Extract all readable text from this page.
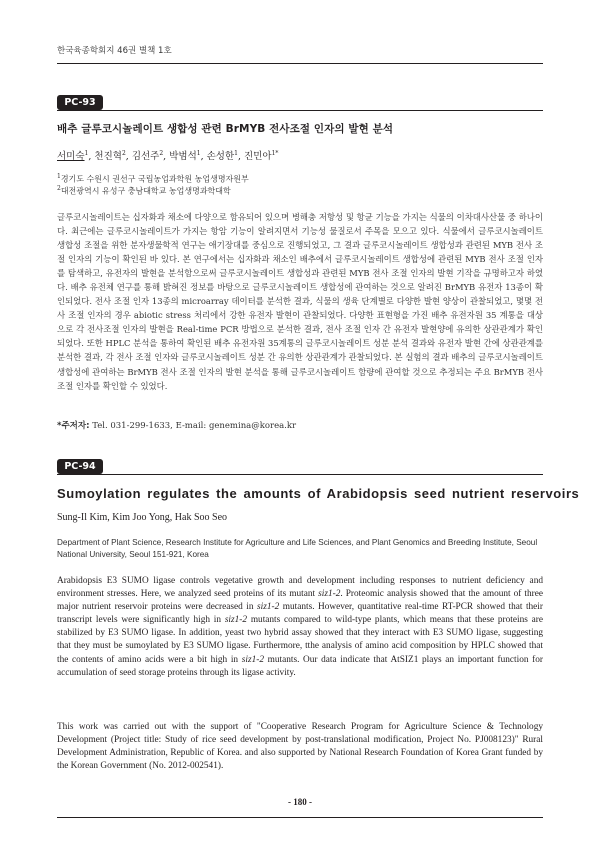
한국육종학회지 46권 별책 1호
PC-93
배추 글루코시놀레이트 생합성 관련 BrMYB 전사조절 인자의 발현 분석
서미숙$^1$, 천진혁$^2$, 김선주$^2$, 박범석$^1$, 손성한$^1$, 진민아$^{1*}$
$^1$경기도 수원시 권선구 국립농업과학원 농업생명자원부
$^2$대전광역시 유성구 충남대학교 농업생명과학대학
글루코시놀레이트는 십자화과 채소에 다양으로 함유되어 있으며 병해충 저항성 및 항균 기능을 가지는 식물의 이차대사산물 중 하나이다. 최근에는 글루코시놀레이트가 가지는 항암 기능이 알려지면서 기능성 물질로서 주목을 모으고 있다. 식물에서 글루코시놀레이트 생합성 조절을 위한 분자생물학적 연구는 애기장대를 중심으로 진행되었고, 그 결과 글루코시놀레이트 생합성과 관련된 MYB 전사 조절 인자의 기능이 확인된 바 있다. 본 연구에서는 십자화과 채소인 배추에서 글루코시놀레이트 생합성에 관련된 MYB 전사 조절 인자를 탐색하고, 유전자의 발현을 분석함으로써 글루코시놀레이트 생합성과 관련된 MYB 전사 조절 인자의 발현 기작을 규명하고자 하였다. 배추 유전체 연구를 통해 밝혀진 정보를 바탕으로 글루코시놀레이트 생합성에 관여하는 것으로 알려진 BrMYB 유전자 13종이 확인되었다. 전사 조절 인자 13종의 microarray 데이터를 분석한 결과, 식물의 생육 단계별로 다양한 발현 양상이 관찰되었고, 몇몇 전사 조절 인자의 경우 abiotic stress 처리에서 강한 유전자 발현이 관찰되었다. 다양한 표현형을 가진 배추 유전자원 35 계통을 대상으로 각 전사조절 인자의 발현을 Real-time PCR 방법으로 분석한 결과, 전사 조절 인자 간 유전자 발현양에 유의한 상관관계가 확인되었다. 또한 HPLC 분석을 통하여 확인된 배추 유전자원 35계통의 글루코시놀레이트 성분 분석 결과와 유전자 발현 간에 상관관계를 분석한 결과, 각 전사 조절 인자와 글루코시놀레이트 성분 간 유의한 상관관계가 관찰되었다. 본 실험의 결과 배추의 글루코시놀레이트 생합성에 관여하는 BrMYB 전사 조절 인자의 발현 분석을 통해 글루코시놀레이트 함량에 관여할 것으로 추정되는 주요 BrMYB 전사 조절 인자를 확인할 수 있었다.
*주저자: Tel. 031-299-1633, E-mail: genemina@korea.kr
PC-94
Sumoylation regulates the amounts of Arabidopsis seed nutrient reservoirs
Sung-Il Kim, Kim Joo Yong, Hak Soo Seo
Department of Plant Science, Research Institute for Agriculture and Life Sciences, and Plant Genomics and Breeding Institute, Seoul National University, Seoul 151-921, Korea
Arabidopsis E3 SUMO ligase controls vegetative growth and development including responses to nutrient deficiency and environment stresses. Here, we analyzed seed proteins of its mutant siz1-2. Proteomic analysis showed that the amount of three major nutrient reservoir proteins were decreased in siz1-2 mutants. However, quantitative real-time RT-PCR showed that their transcript levels were significantly high in siz1-2 mutants compared to wild-type plants, which means that these proteins are stabilized by E3 SUMO ligase. In addition, yeast two hybrid assay showed that they interact with E3 SUMO ligase, suggesting that they must be sumoylated by E3 SUMO ligase. Furthermore, tthe analysis of amino acid composition by HPLC showed that the contents of amino acids were a bit high in siz1-2 mutants. Our data indicate that AtSIZ1 plays an important function for accumulation of seed storage proteins through its ligase activity.
This work was carried out with the support of "Cooperative Research Program for Agriculture Science & Technology Development (Project title: Study of rice seed development by post-translational modification, Project No. PJ008123)" Rural Development Administration, Republic of Korea. and also supported by National Research Foundation of Korea Grant funded by the Korean Government (No. 2012-002541).
- 180 -
